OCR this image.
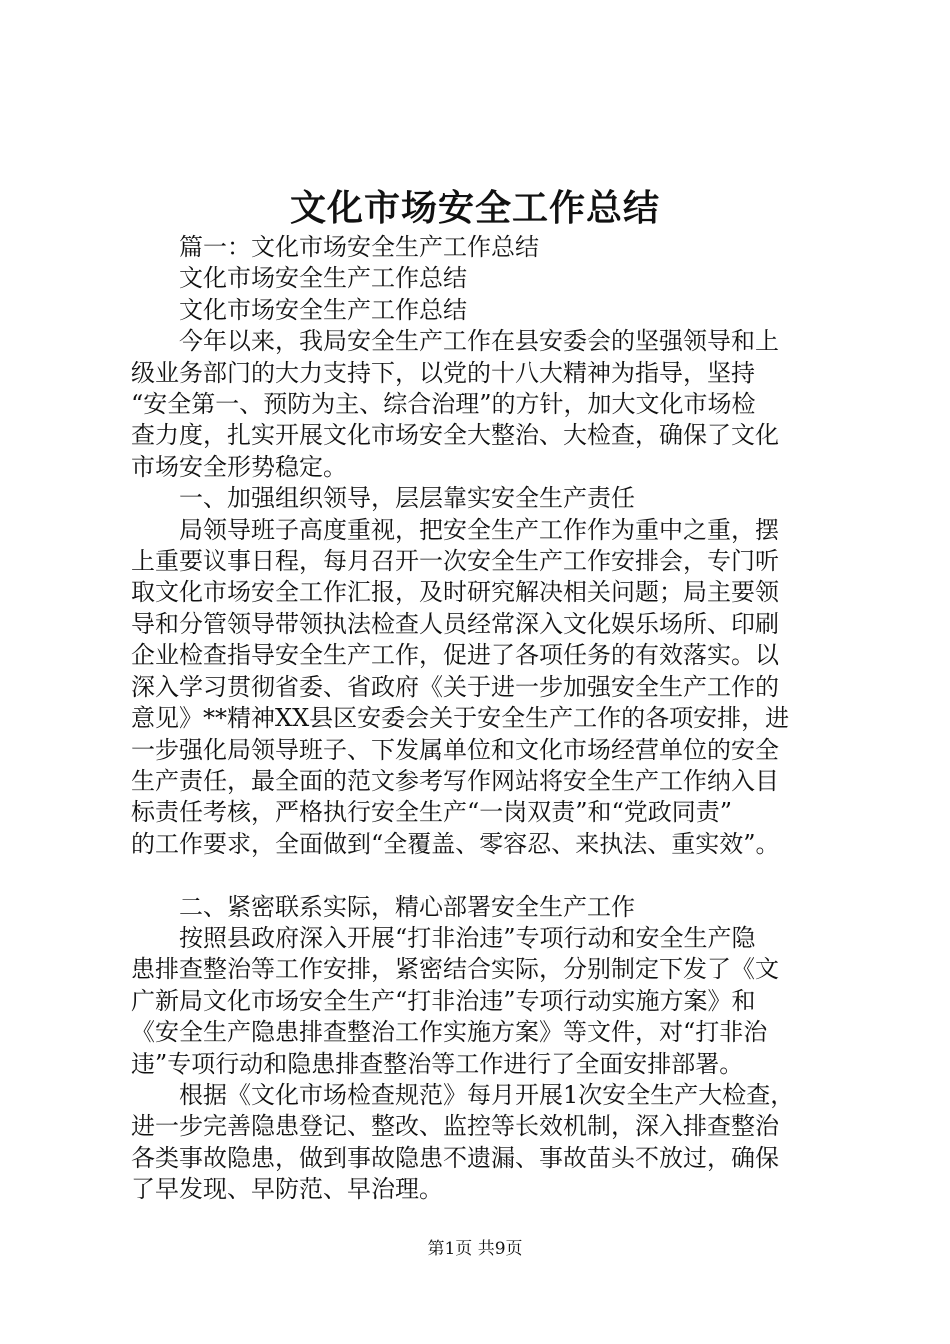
文化市场安全工作总结

篇一：文化市场安全生产工作总结

文化市场安全生产工作总结

文化市场安全生产工作总结

今年以来，我局安全生产工作在县安委会的坚强领导和上

级业务部门的大力支持下，以党的十八大精神为指导，坚持

“安全第一、预防为主、综合治理”的方针，加大文化市场检

查力度，扎实开展文化市场安全大整治、大检查，确保了文化

市场安全形势稳定。

一、加强组织领导，层层靠实安全生产责任

局领导班子高度重视，把安全生产工作作为重中之重，摆

上重要议事日程，每月召开一次安全生产工作安排会，专门听

取文化市场安全工作汇报，及时研究解决相关问题；局主要领

导和分管领导带领执法检查人员经常深入文化娱乐场所、印刷

企业检查指导安全生产工作，促进了各项任务的有效落实。以

深入学习贯彻省委、省政府《关于进一步加强安全生产工作的

意见》**精神XX县区安委会关于安全生产工作的各项安排，进

一步强化局领导班子、下发属单位和文化市场经营单位的安全

生产责任，最全面的范文参考写作网站将安全生产工作纳入目

标责任考核，严格执行安全生产“一岗双责”和“党政同责”

的工作要求，全面做到“全覆盖、零容忍、来执法、重实效”。

二、紧密联系实际，精心部署安全生产工作

按照县政府深入开展“打非治违”专项行动和安全生产隐

患排查整治等工作安排，紧密结合实际，分别制定下发了《文

广新局文化市场安全生产“打非治违”专项行动实施方案》和

《安全生产隐患排查整治工作实施方案》等文件，对“打非治

违”专项行动和隐患排查整治等工作进行了全面安排部署。

根据《文化市场检查规范》每月开展1次安全生产大检查，

进一步完善隐患登记、整改、监控等长效机制，深入排查整治

各类事故隐患，做到事故隐患不遗漏、事故苗头不放过，确保

了早发现、早防范、早治理。

第1页 共9页
